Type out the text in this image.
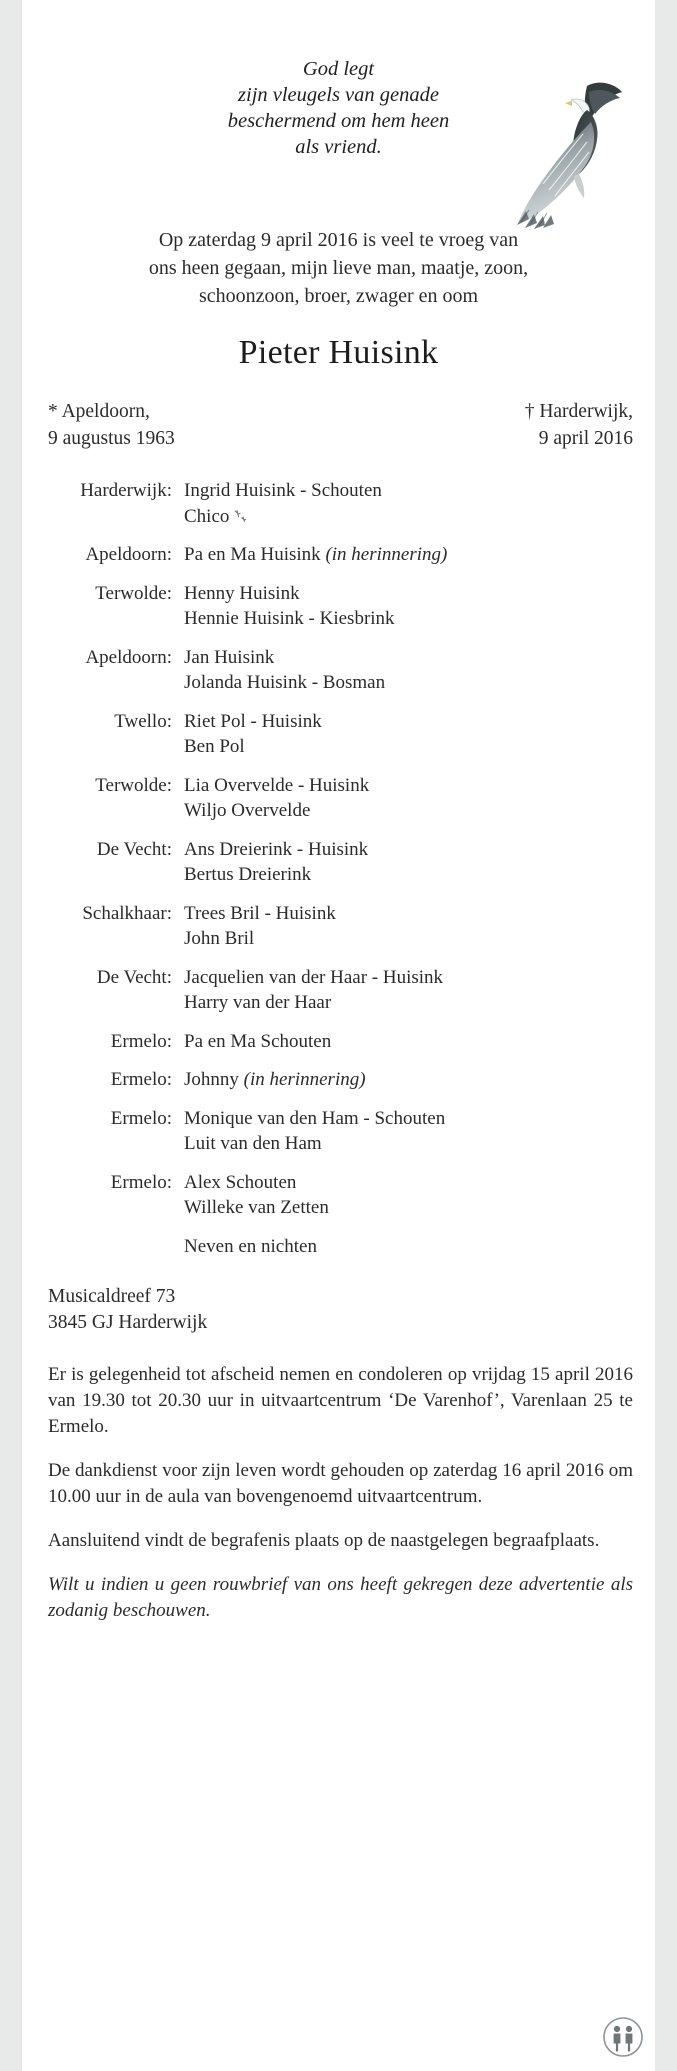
God legt
zijn vleugels van genade
beschermend om hem heen
als vriend.
Op zaterdag 9 april 2016 is veel te vroeg van
ons heen gegaan, mijn lieve man, maatje, zoon,
schoonzoon, broer, zwager en oom
Pieter Huisink
* Apeldoorn,
9 augustus 1963
† Harderwijk,
9 april 2016
Harderwijk: Ingrid Huisink - Schouten
Chico
Apeldoorn: Pa en Ma Huisink (in herinnering)
Terwolde: Henny Huisink
Hennie Huisink - Kiesbrink
Apeldoorn: Jan Huisink
Jolanda Huisink - Bosman
Twello: Riet Pol - Huisink
Ben Pol
Terwolde: Lia Overvelde - Huisink
Wiljo Overvelde
De Vecht: Ans Dreierink - Huisink
Bertus Dreierink
Schalkhaar: Trees Bril - Huisink
John Bril
De Vecht: Jacquelien van der Haar - Huisink
Harry van der Haar
Ermelo: Pa en Ma Schouten
Ermelo: Johnny (in herinnering)
Ermelo: Monique van den Ham - Schouten
Luit van den Ham
Ermelo: Alex Schouten
Willeke van Zetten
Neven en nichten
Musicaldreef 73
3845 GJ Harderwijk

Er is gelegenheid tot afscheid nemen en condoleren op vrijdag 15 april 2016 van 19.30 tot 20.30 uur in uitvaartcentrum ‘De Varenhof’, Varenlaan 25 te Ermelo.

De dankdienst voor zijn leven wordt gehouden op zaterdag 16 april 2016 om 10.00 uur in de aula van bovengenoemd uitvaartcentrum.

Aansluitend vindt de begrafenis plaats op de naastgelegen begraafplaats.

Wilt u indien u geen rouwbrief van ons heeft gekregen deze advertentie als zodanig beschouwen.
